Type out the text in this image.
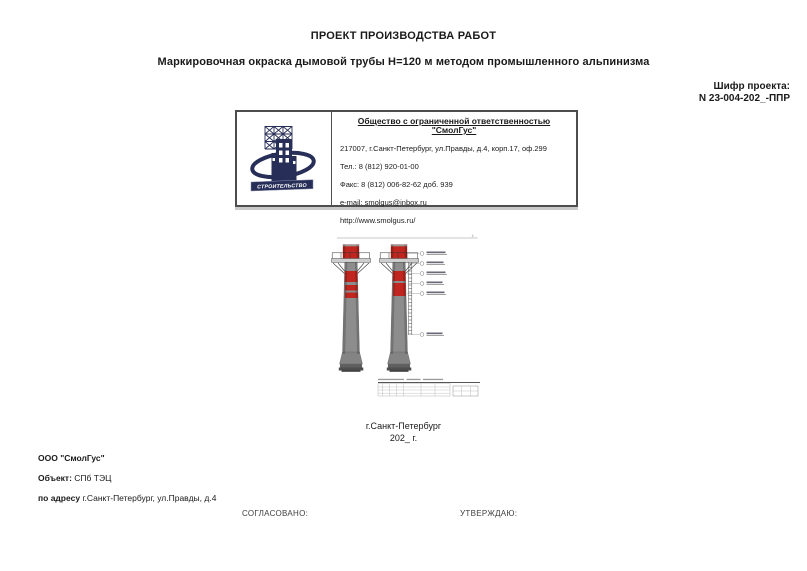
ПРОЕКТ ПРОИЗВОДСТВА РАБОТ
Маркировочная окраска дымовой трубы Н=120 м методом промышленного альпинизма
Шифр проекта:
N 23-004-202_-ППР
СТРОИТЕЛЬСТВО
Общество с ограниченной ответственностью "СмолГус"
217007, г.Санкт-Петербург, ул.Правды, д.4, корп.17, оф.299
Тел.: 8 (812) 920-01-00
Факс: 8 (812) 006-82-62 доб. 939
e-mail: smolgus@inbox.ru
http://www.smolgus.ru/
1:
г.Санкт-Петербург
202_ г.
ООО "СмолГус"
Объект: СПб ТЭЦ
по адресу г.Санкт-Петербург, ул.Правды, д.4
СОГЛАСОВАНО:	УТВЕРЖДАЮ:
